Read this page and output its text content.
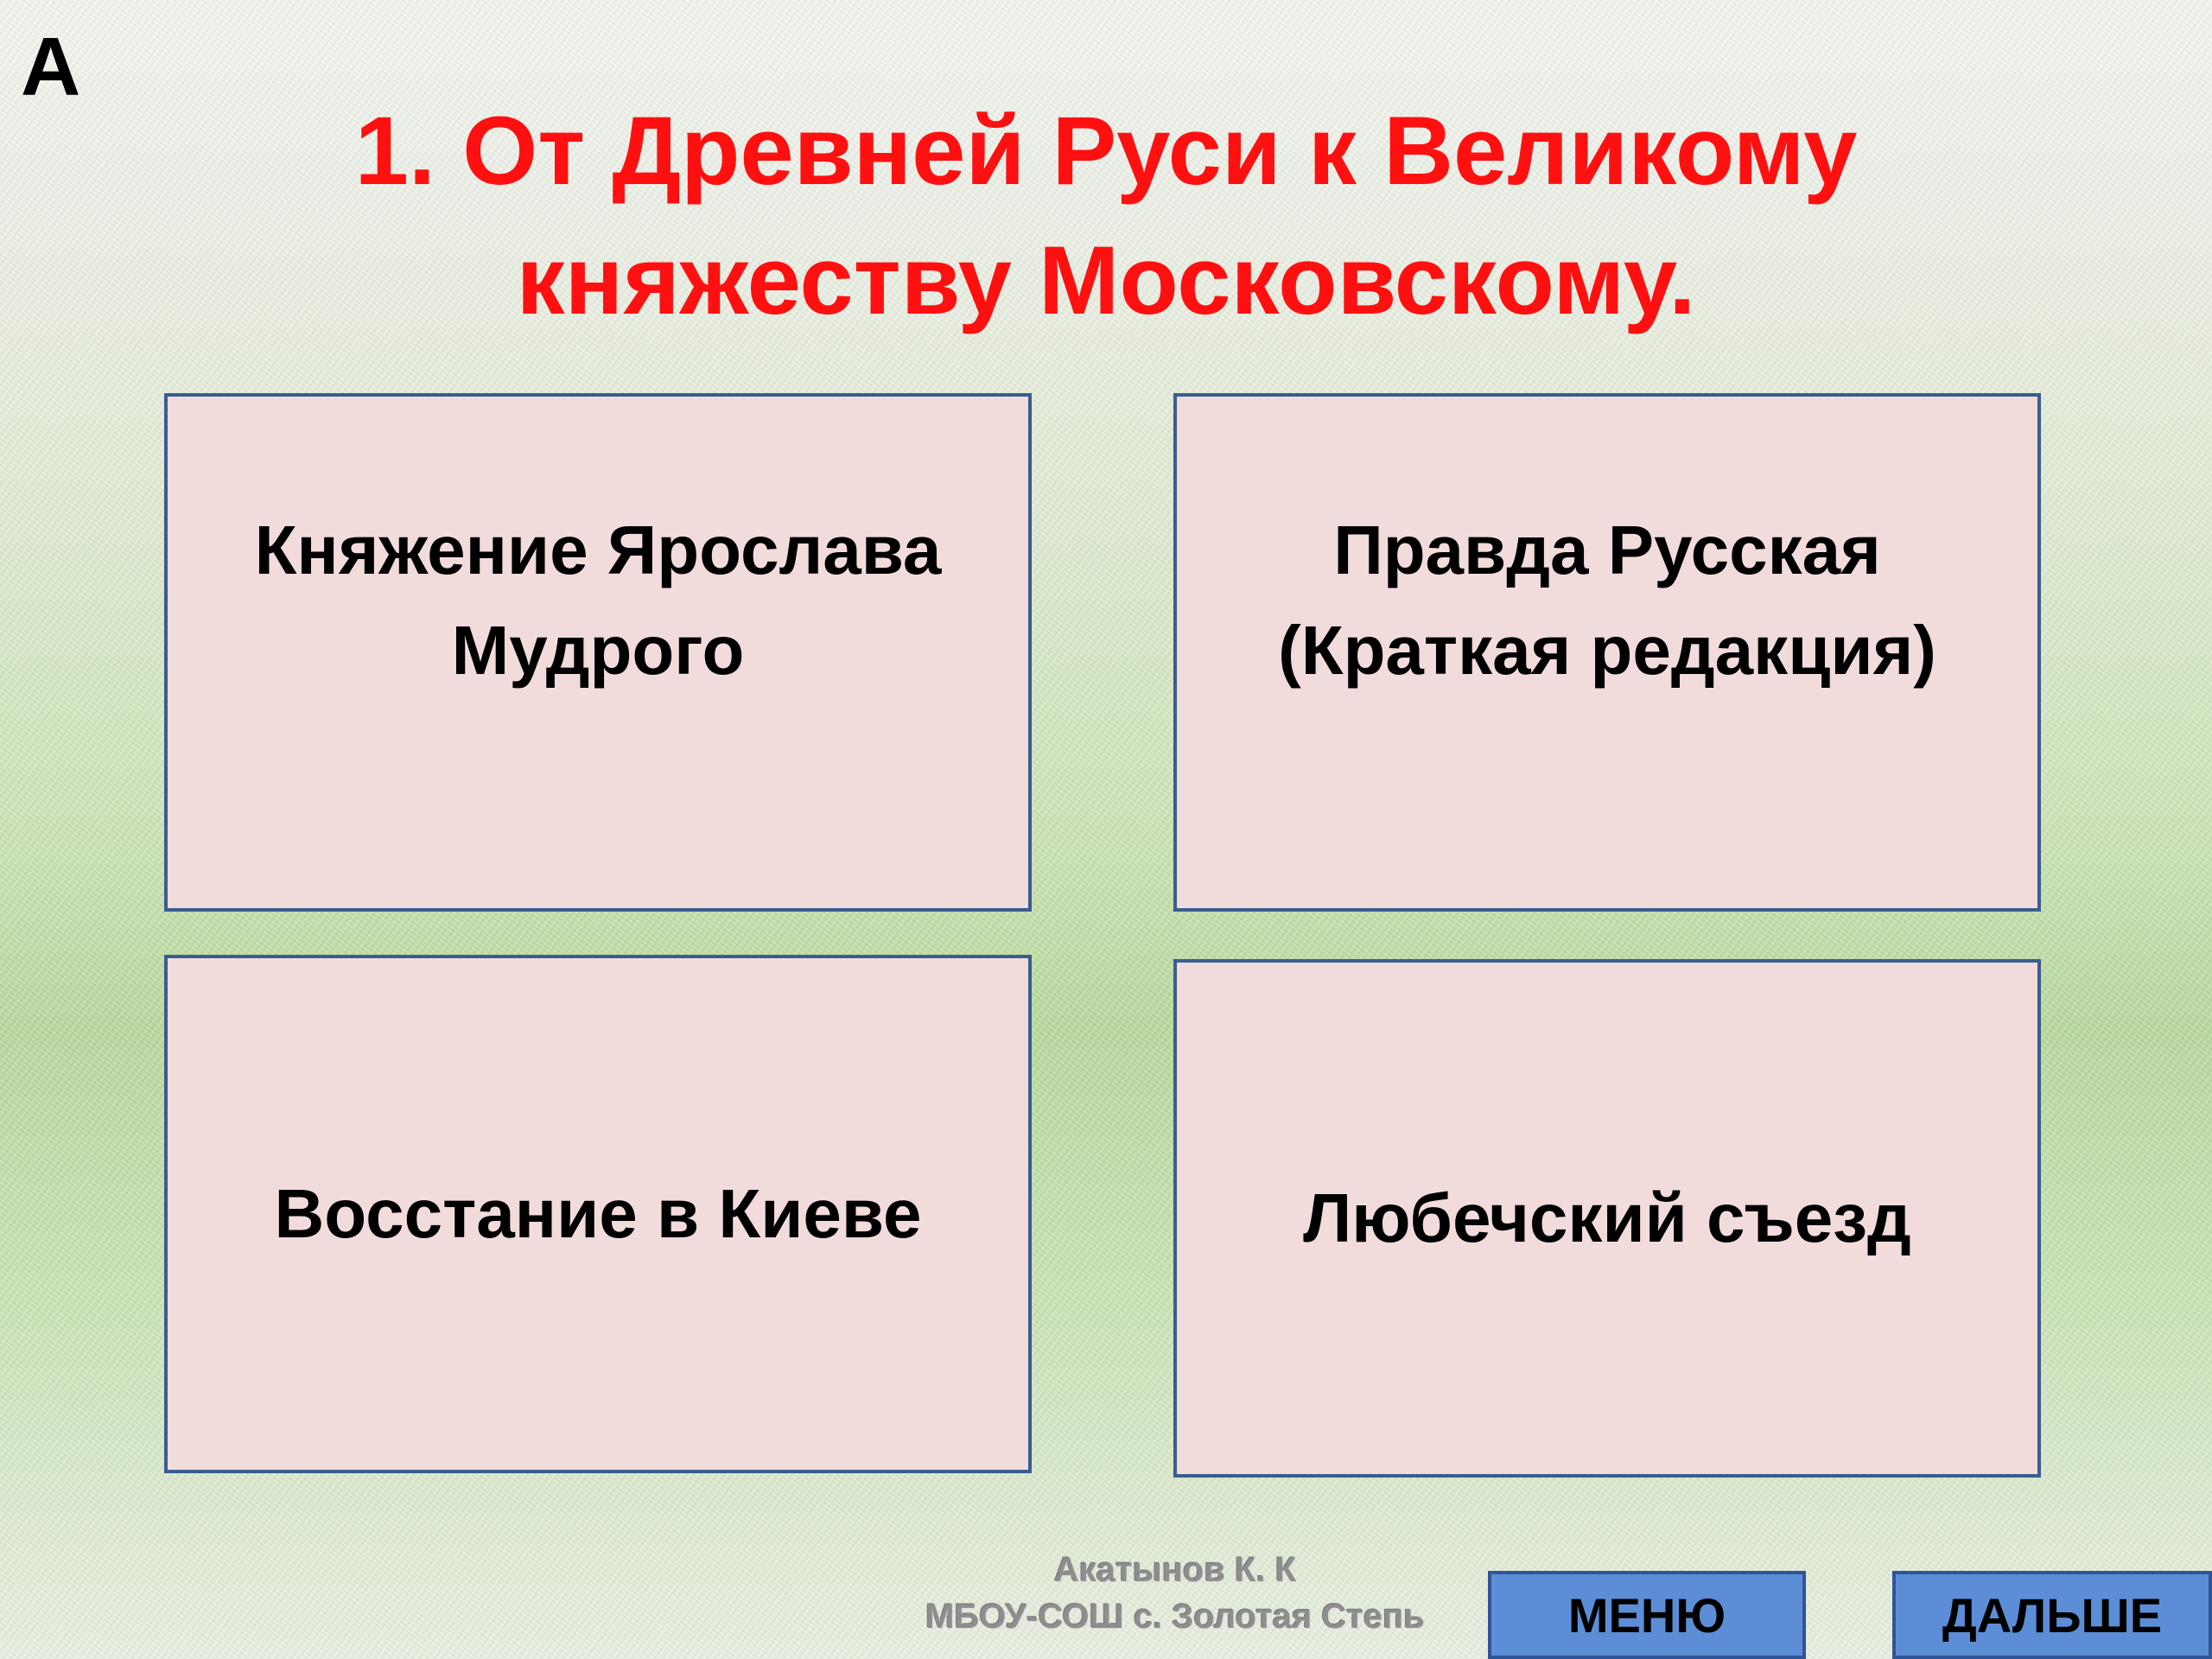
А
1. От Древней Руси к Великому
княжеству Московскому.
Княжение Ярослава
Мудрого
Правда Русская
(Краткая редакция)
Восстание в Киеве	Любечский съезд
Акатынов К. К
МБОУ-СОШ с. Золотая Степь	МЕНЮ	ДАЛЬШЕ
